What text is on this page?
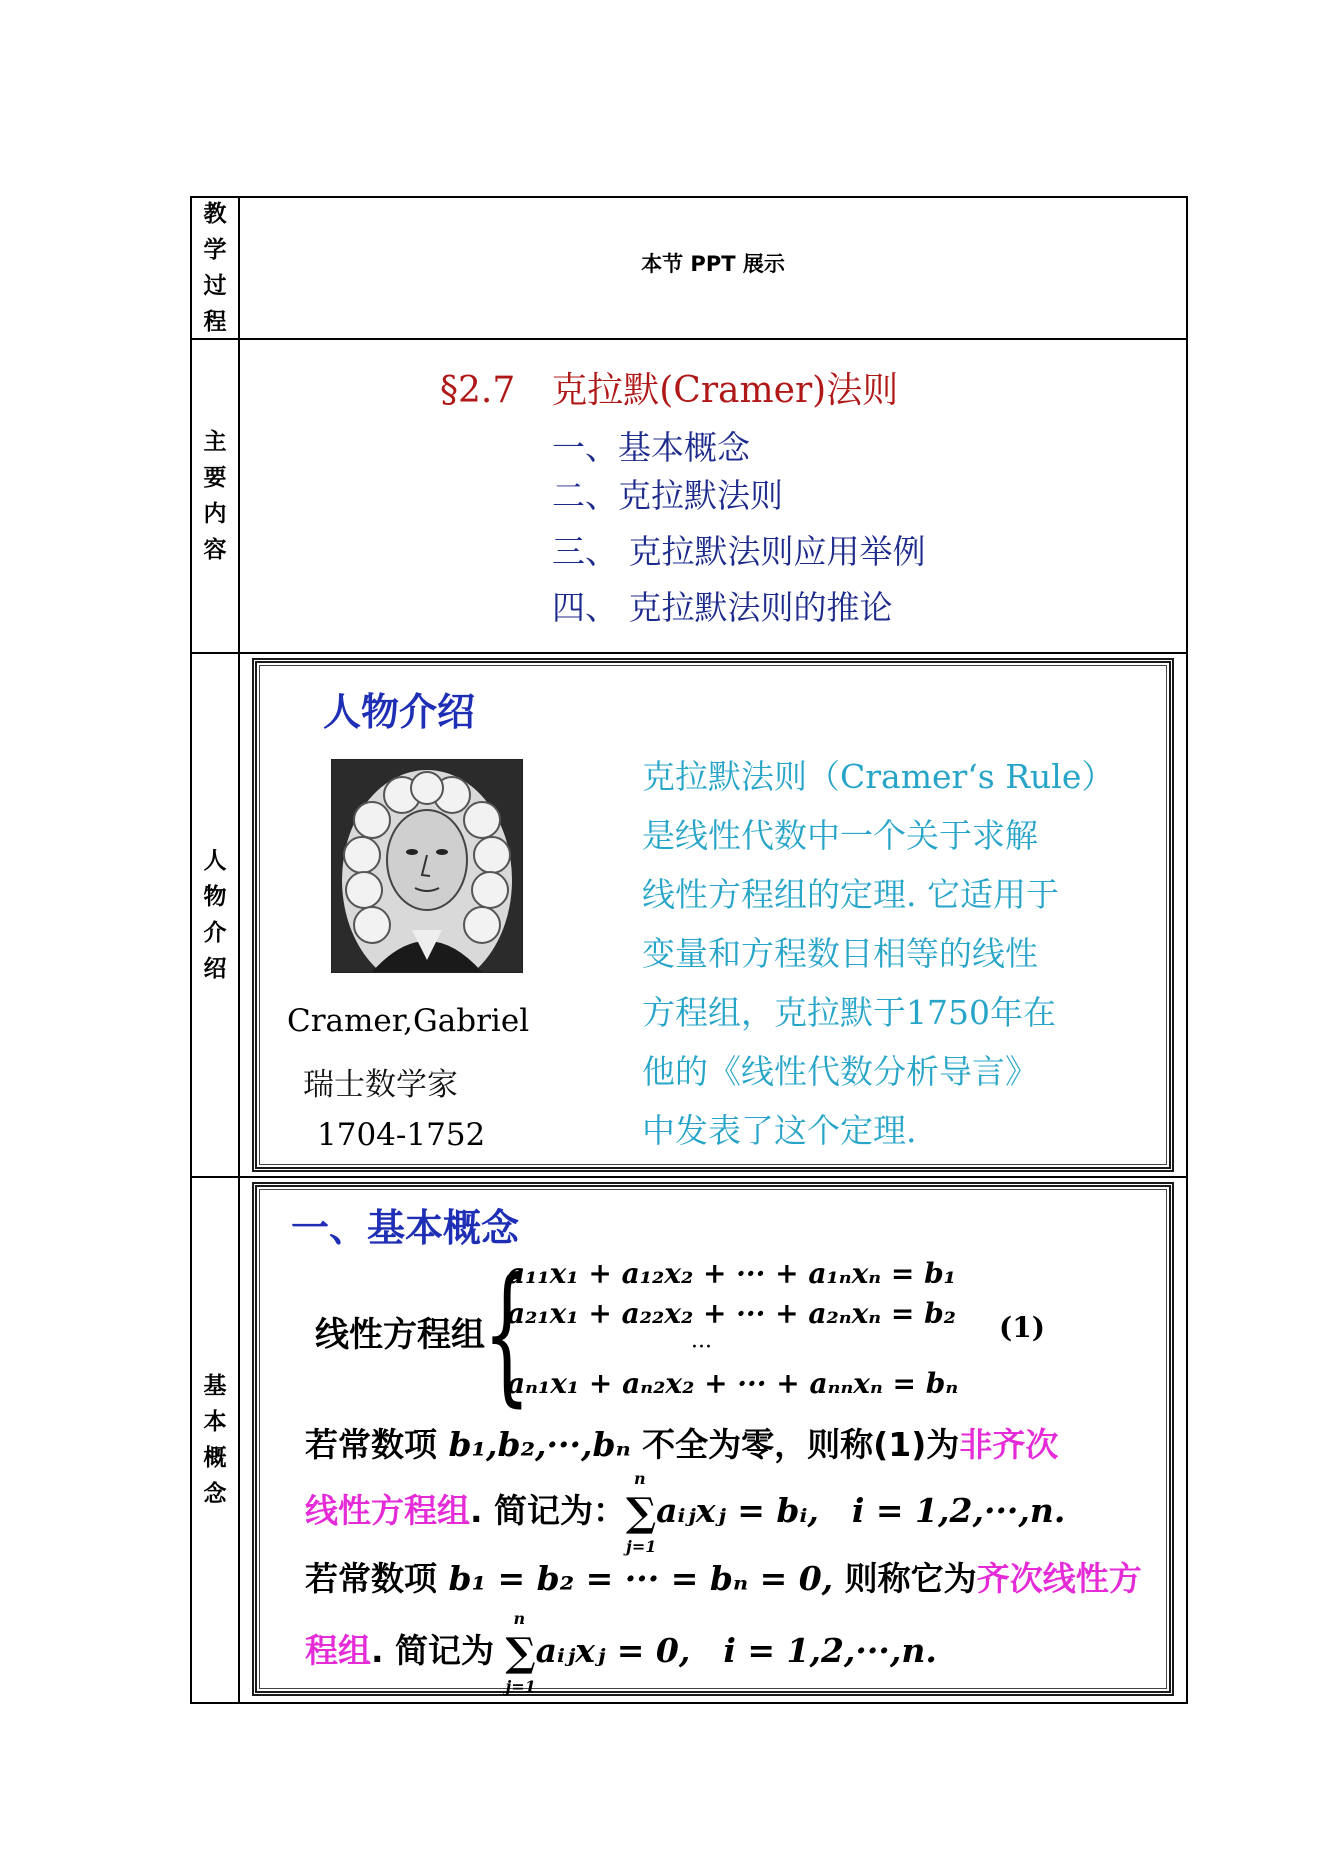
教学过程
本节 PPT 展示
主要内容
§2.7　克拉默(Cramer)法则
一、基本概念
二、克拉默法则
三、 克拉默法则应用举例
四、 克拉默法则的推论
人物介绍
人物介绍
Cramer,Gabriel
瑞士数学家
1704-1752
克拉默法则（Cramer‘s Rule）
是线性代数中一个关于求解
线性方程组的定理. 它适用于
变量和方程数目相等的线性
方程组，克拉默于1750年在
他的《线性代数分析导言》
中发表了这个定理.
基本概念
一、基本概念
线性方程组
{
a₁₁x₁ + a₁₂x₂ + ··· + a₁ₙxₙ = b₁
a₂₁x₁ + a₂₂x₂ + ··· + a₂ₙxₙ = b₂
···
aₙ₁x₁ + aₙ₂x₂ + ··· + aₙₙxₙ = bₙ
(1)
若常数项 b₁,b₂,···,bₙ 不全为零，则称(1)为非齐次
线性方程组. 简记为：∑
n
j=1
aᵢⱼxⱼ = bᵢ,　i = 1,2,···,n.
若常数项 b₁ = b₂ = ··· = bₙ = 0, 则称它为齐次线性方
程组. 简记为 ∑
n
j=1
aᵢⱼxⱼ = 0,　i = 1,2,···,n.
